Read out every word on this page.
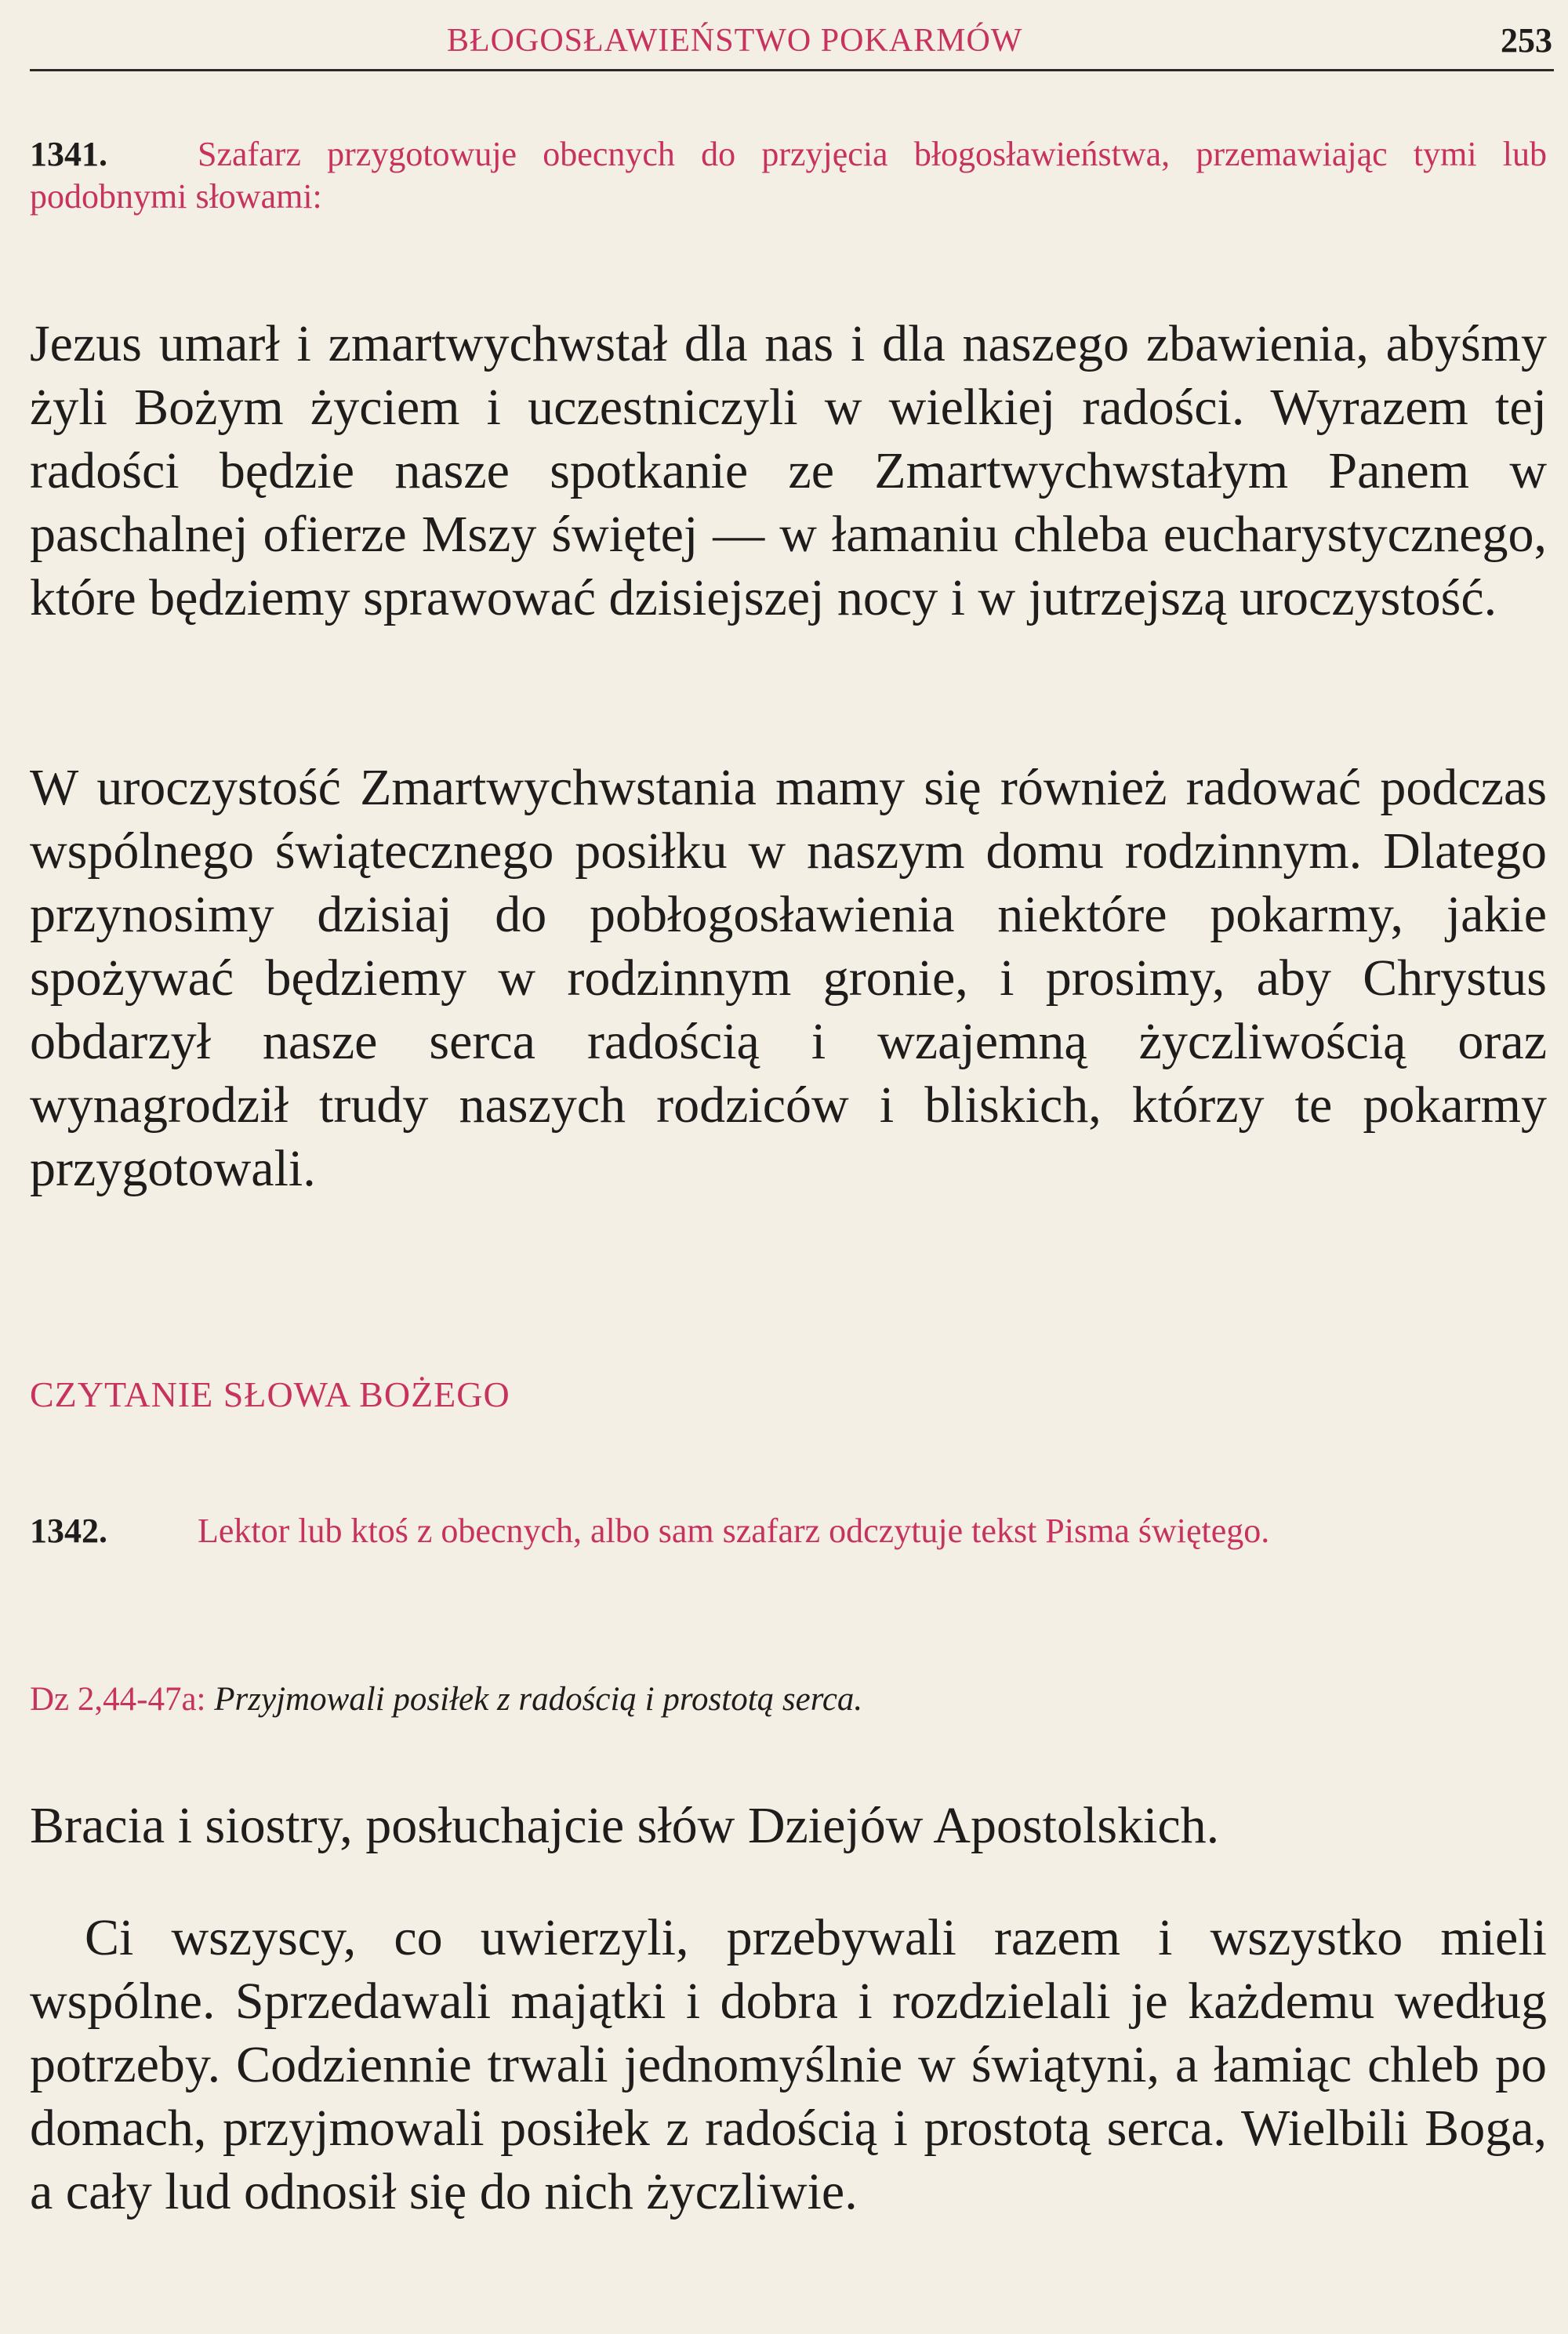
BŁOGOSŁAWIEŃSTWO POKARMÓW	253
1341.	Szafarz przygotowuje obecnych do przyjęcia błogosławieństwa, przemawiając tymi lub podobnymi słowami:

Jezus umarł i zmartwychwstał dla nas i dla naszego zbawienia, abyśmy żyli Bożym życiem i uczestniczyli w wielkiej radości. Wyrazem tej radości będzie nasze spotkanie ze Zmartwychwstałym Panem w paschalnej ofierze Mszy świętej — w łamaniu chleba eucharystycznego, które będziemy sprawować dzisiejszej nocy i w jutrzejszą uroczystość.

W uroczystość Zmartwychwstania mamy się również radować podczas wspólnego świątecznego posiłku w naszym domu rodzinnym. Dlatego przynosimy dzisiaj do pobłogosławienia niektóre pokarmy, jakie spożywać będziemy w rodzinnym gronie, i prosimy, aby Chrystus obdarzył nasze serca radością i wzajemną życzliwością oraz wynagrodził trudy naszych rodziców i bliskich, którzy te pokarmy przygotowali.

CZYTANIE SŁOWA BOŻEGO
1342.	Lektor lub ktoś z obecnych, albo sam szafarz odczytuje tekst Pisma świętego.
Dz 2,44-47a: Przyjmowali posiłek z radością i prostotą serca.
Bracia i siostry, posłuchajcie słów Dziejów Apostolskich.

Ci wszyscy, co uwierzyli, przebywali razem i wszystko mieli wspólne. Sprzedawali majątki i dobra i rozdzielali je każdemu według potrzeby. Codziennie trwali jednomyślnie w świątyni, a łamiąc chleb po domach, przyjmowali posiłek z radością i prostotą serca. Wielbili Boga, a cały lud odnosił się do nich życzliwie.
